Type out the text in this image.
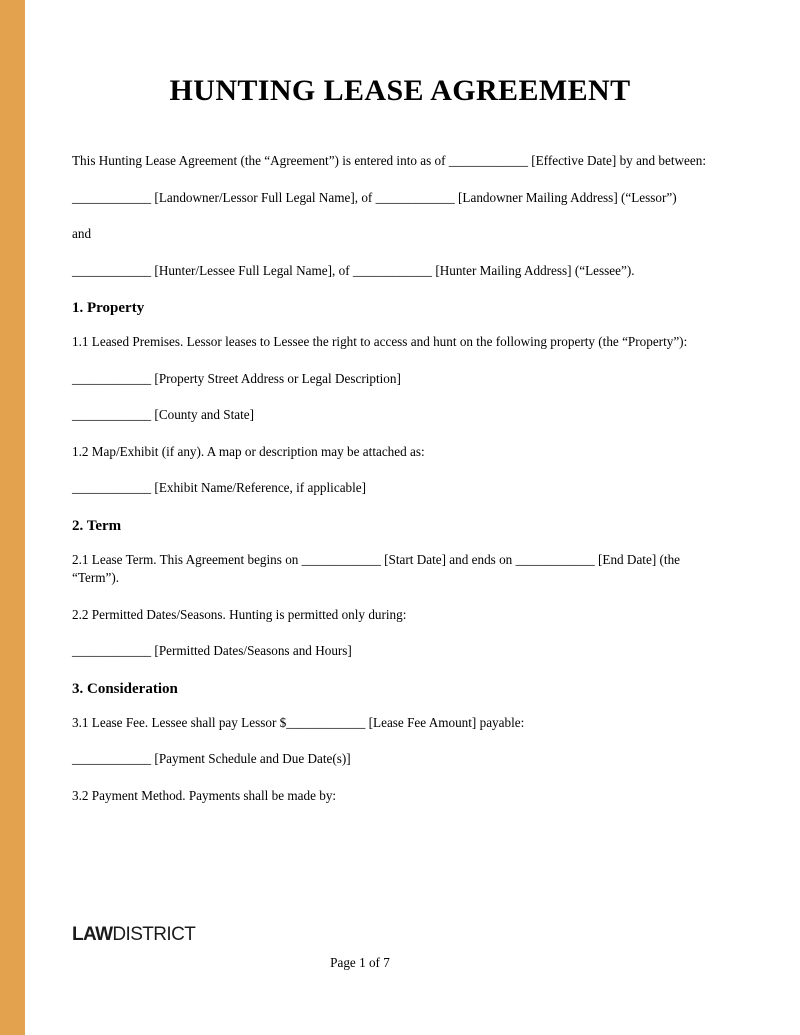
HUNTING LEASE AGREEMENT

This Hunting Lease Agreement (the “Agreement”) is entered into as of ____________ [Effective Date] by and between:

____________ [Landowner/Lessor Full Legal Name], of ____________ [Landowner Mailing Address] (“Lessor”)

and

____________ [Hunter/Lessee Full Legal Name], of ____________ [Hunter Mailing Address] (“Lessee”).

1. Property

1.1 Leased Premises. Lessor leases to Lessee the right to access and hunt on the following property (the “Property”):

____________ [Property Street Address or Legal Description]

____________ [County and State]

1.2 Map/Exhibit (if any). A map or description may be attached as:

____________ [Exhibit Name/Reference, if applicable]

2. Term

2.1 Lease Term. This Agreement begins on ____________ [Start Date] and ends on ____________ [End Date] (the “Term”).

2.2 Permitted Dates/Seasons. Hunting is permitted only during:

____________ [Permitted Dates/Seasons and Hours]

3. Consideration

3.1 Lease Fee. Lessee shall pay Lessor $____________ [Lease Fee Amount] payable:

____________ [Payment Schedule and Due Date(s)]

3.2 Payment Method. Payments shall be made by:

LAWDISTRICT
Page 1 of 7
